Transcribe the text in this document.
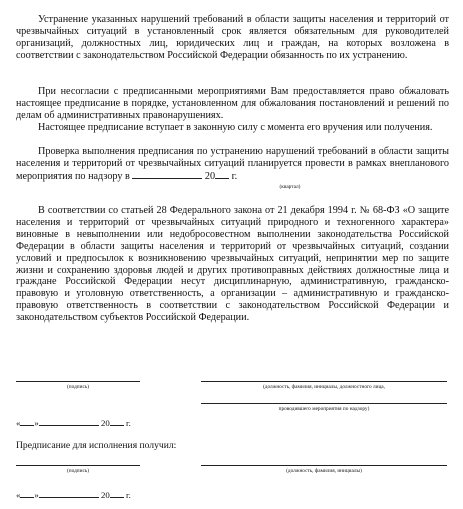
Устранение указанных нарушений требований в области защиты населения и территорий от чрезвычайных ситуаций в установленный срок является обязательным для руководителей организаций, должностных лиц, юридических лиц и граждан, на которых возложена в соответствии с законодательством Российской Федерации обязанность по их устранению.

При несогласии с предписанными мероприятиями Вам предоставляется право обжаловать настоящее предписание в порядке, установленном для обжалования постановлений и решений по делам об административных правонарушениях.

Настоящее предписание вступает в законную силу с момента его вручения или получения.

Проверка выполнения предписания по устранению нарушений требований в области защиты населения и территорий от чрезвычайных ситуаций планируется провести в рамках внепланового мероприятия по надзору в	20 г.

(квартал)

В соответствии со статьей 28 Федерального закона от 21 декабря 1994 г. № 68-ФЗ «О защите населения и территорий от чрезвычайных ситуаций природного и техногенного характера» виновные в невыполнении или недобросовестном выполнении законодательства Российской Федерации в области защиты населения и территорий от чрезвычайных ситуаций, создании условий и предпосылок к возникновению чрезвычайных ситуаций, непринятии мер по защите жизни и сохранению здоровья людей и других противоправных действиях должностные лица и граждане Российской Федерации несут дисциплинарную, административную, гражданско-правовую и уголовную ответственность, а организации – административную и гражданско-правовую ответственность в соответствии с законодательством Российской Федерации и законодательством субъектов Российской Федерации.

(подпись)	(должность, фамилия, инициалы, должностного лица,
проводившего мероприятия по надзору)
« »	20 г.
Предписание для исполнения получил:
(подпись)	(должность, фамилия, инициалы)
« »	20 г.
